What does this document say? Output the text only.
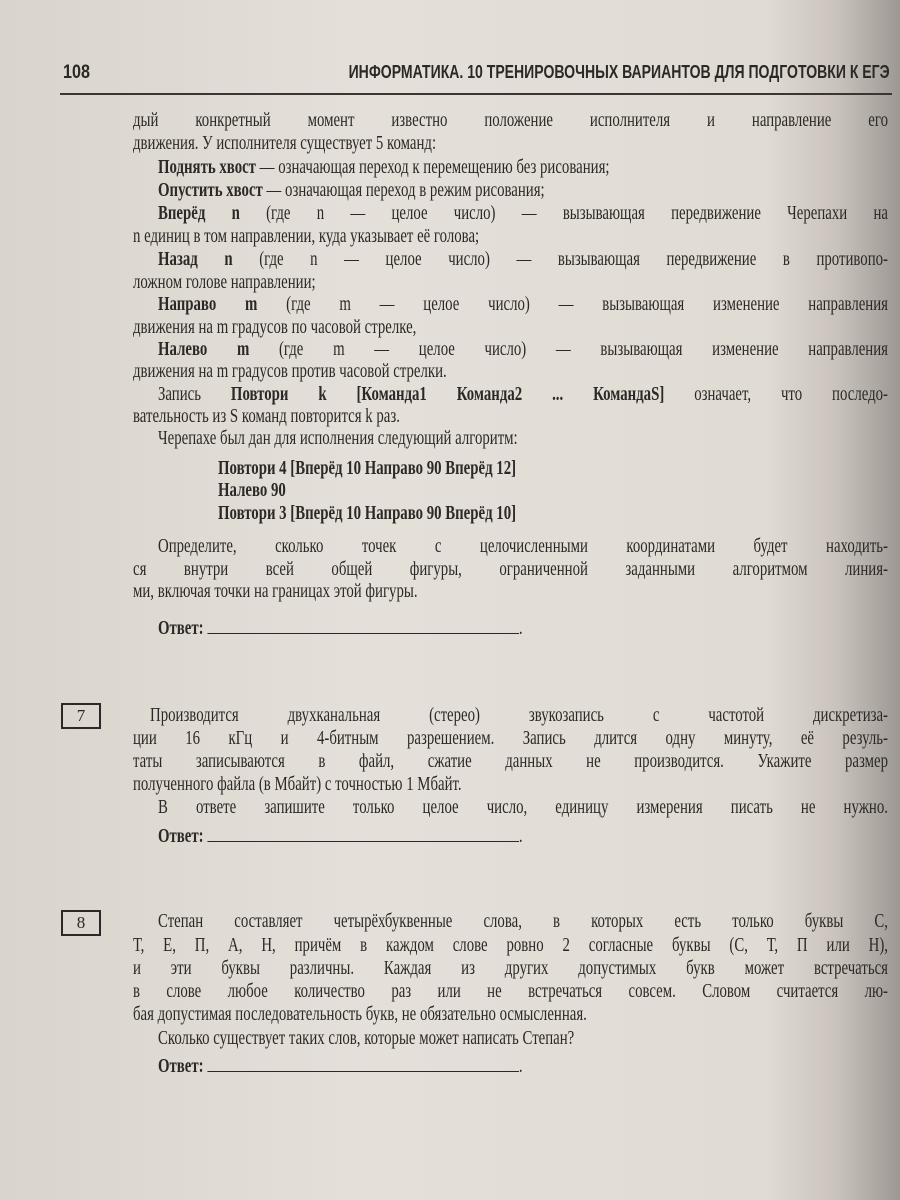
108	ИНФОРМАТИКА. 10 ТРЕНИРОВОЧНЫХ ВАРИАНТОВ ДЛЯ ПОДГОТОВКИ К ЕГЭ
7
8
дый конкретный момент известно положение исполнителя и направление его
движения. У исполнителя существует 5 команд:
Поднять хвост — означающая переход к перемещению без рисования;
Опустить хвост — означающая переход в режим рисования;
Вперёд n (где n — целое число) — вызывающая передвижение Черепахи на
n единиц в том направлении, куда указывает её голова;
Назад n (где n — целое число) — вызывающая передвижение в противопо-
ложном голове направлении;
Направо m (где m — целое число) — вызывающая изменение направления
движения на m градусов по часовой стрелке,
Налево m (где m — целое число) — вызывающая изменение направления
движения на m градусов против часовой стрелки.
Запись Повтори k [Команда1 Команда2 ... КомандаS] означает, что последо-
вательность из S команд повторится k раз.
Черепахе был дан для исполнения следующий алгоритм:
Повтори 4 [Вперёд 10 Направо 90 Вперёд 12]
Налево 90
Повтори 3 [Вперёд 10 Направо 90 Вперёд 10]
Определите, сколько точек с целочисленными координатами будет находить-
ся внутри всей общей фигуры, ограниченной заданными алгоритмом линия-
ми, включая точки на границах этой фигуры.
Ответ:	.
Производится двухканальная (стерео) звукозапись с частотой дискретиза-
ции 16 кГц и 4-битным разрешением. Запись длится одну минуту, её резуль-
таты записываются в файл, сжатие данных не производится. Укажите размер
полученного файла (в Мбайт) с точностью 1 Мбайт.
В ответе запишите только целое число, единицу измерения писать не нужно.
Ответ:	.
Степан составляет четырёхбуквенные слова, в которых есть только буквы С,
Т, Е, П, А, Н, причём в каждом слове ровно 2 согласные буквы (С, Т, П или Н),
и эти буквы различны. Каждая из других допустимых букв может встречаться
в слове любое количество раз или не встречаться совсем. Словом считается лю-
бая допустимая последовательность букв, не обязательно осмысленная.
Сколько существует таких слов, которые может написать Степан?
Ответ:	.
